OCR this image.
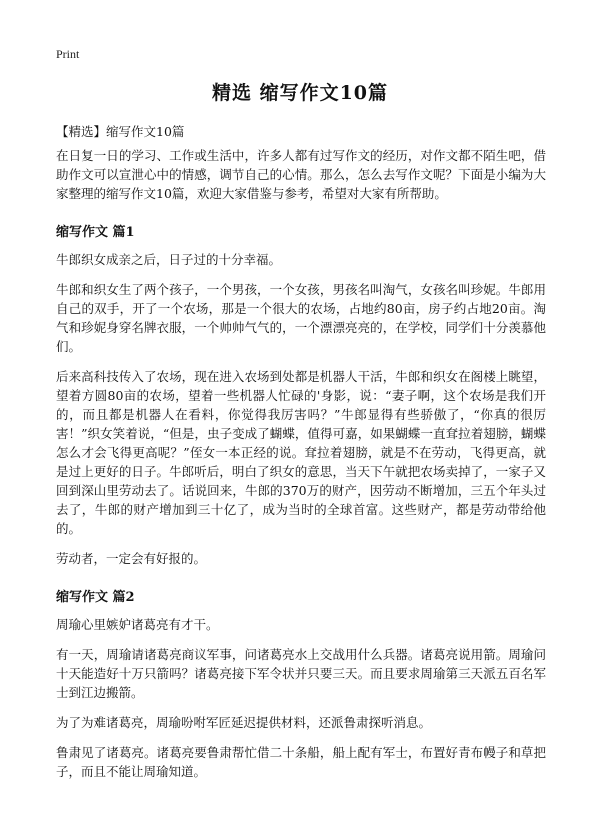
Print
精选 缩写作文10篇

【精选】缩写作文10篇

在日复一日的学习、工作或生活中，许多人都有过写作文的经历，对作文都不陌生吧，借助作文可以宣泄心中的情感，调节自己的心情。那么，怎么去写作文呢？下面是小编为大家整理的缩写作文10篇，欢迎大家借鉴与参考，希望对大家有所帮助。

缩写作文 篇1

牛郎织女成亲之后，日子过的十分幸福。

牛郎和织女生了两个孩子，一个男孩，一个女孩，男孩名叫淘气，女孩名叫珍妮。牛郎用自己的双手，开了一个农场，那是一个很大的农场，占地约80亩，房子约占地20亩。淘气和珍妮身穿名牌衣服，一个帅帅气气的，一个漂漂亮亮的，在学校，同学们十分羡慕他们。

后来高科技传入了农场，现在进入农场到处都是机器人干活，牛郎和织女在阁楼上眺望，望着方圆80亩的农场，望着一些机器人忙碌的'身影，说：“妻子啊，这个农场是我们开的，而且都是机器人在看料，你觉得我厉害吗？”牛郎显得有些骄傲了，“你真的很厉害！”织女笑着说，“但是，虫子变成了蝴蝶，值得可嘉，如果蝴蝶一直耷拉着翅膀，蝴蝶怎么才会飞得更高呢？”侄女一本正经的说。耷拉着翅膀，就是不在劳动，飞得更高，就是过上更好的日子。牛郎听后，明白了织女的意思，当天下午就把农场卖掉了，一家子又回到深山里劳动去了。话说回来，牛郎的370万的财产，因劳动不断增加，三五个年头过去了，牛郎的财产增加到三十亿了，成为当时的全球首富。这些财产，都是劳动带给他的。

劳动者，一定会有好报的。

缩写作文 篇2

周瑜心里嫉妒诸葛亮有才干。

有一天，周瑜请诸葛亮商议军事，问诸葛亮水上交战用什么兵器。诸葛亮说用箭。周瑜问十天能造好十万只箭吗？诸葛亮接下军令状并只要三天。而且要求周瑜第三天派五百名军士到江边搬箭。

为了为难诸葛亮，周瑜吩咐军匠延迟提供材料，还派鲁肃探听消息。

鲁肃见了诸葛亮。诸葛亮要鲁肃帮忙借二十条船，船上配有军士，布置好青布幔子和草把子，而且不能让周瑜知道。
